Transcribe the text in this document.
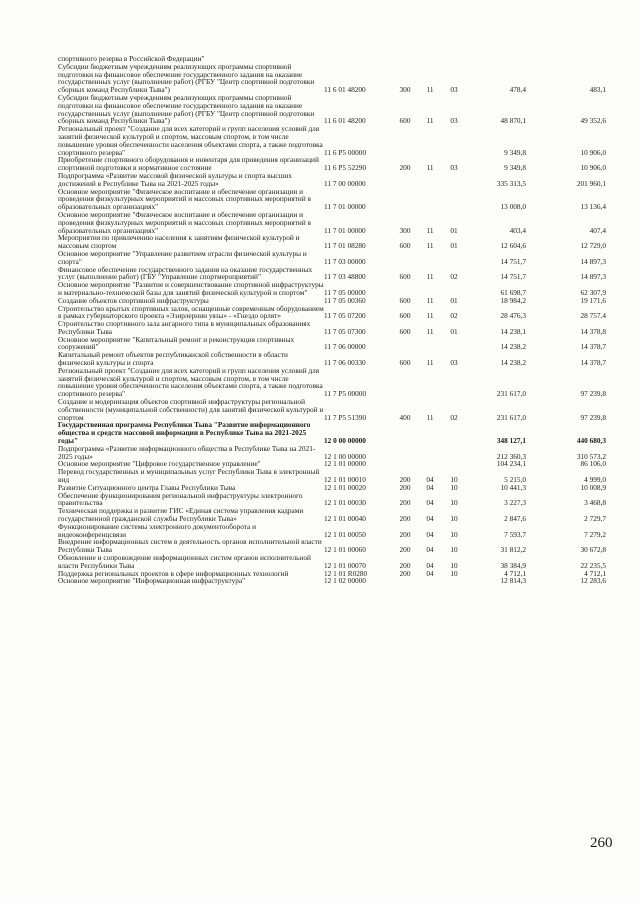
спортивного резерва в Российской Федерации"						
Субсидии бюджетным учреждениям реализующих программы спортивной подготовки на финансовое обеспечение государственного задания на оказание государственных услуг (выполнение работ) (РГБУ "Центр спортивной подготовки сборных команд Республики Тыва")	11 6 01 48200	300	11	03	478,4	483,1
Субсидии бюджетным учреждениям реализующих программы спортивной подготовки на финансовое обеспечение государственного задания на оказание государственных услуг (выполнение работ) (РГБУ "Центр спортивной подготовки сборных команд Республики Тыва")	11 6 01 48200	600	11	03	48 870,1	49 352,6
Региональный проект "Создание для всех категорий и групп населения условий для занятий физической культурой и спортом, массовым спортом, в том числе повышение уровня обеспеченности населения объектами спорта, а также подготовка спортивного резерва"	11 6 P5 00000				9 349,8	10 906,0
Приобретение спортивного оборудования и инвентаря для приведения организаций спортивной подготовки в нормативное состояние	11 6 P5 52290	200	11	03	9 349,8	10 906,0
Подпрограмма «Развитие массовой физической культуры и спорта высших достижений в Республике Тыва на 2021-2025 годы»	11 7 00 00000				335 313,5	201 960,1
Основное мероприятие "Физическое воспитание и обеспечение организации и проведения физкультурных мероприятий и массовых спортивных мероприятий в образовательных организациях"	11 7 01 00000				13 008,0	13 136,4
Основное мероприятие "Физическое воспитание и обеспечение организации и проведения физкультурных мероприятий и массовых спортивных мероприятий в образовательных организациях"	11 7 01 00000	300	11	01	403,4	407,4
Мероприятия по привлечению населения к занятиям физической культурой и массовым спортом	11 7 01 08280	600	11	01	12 604,6	12 729,0
Основное мероприятие "Управление развитием отрасли физической культуры и спорта"	11 7 03 00000				14 751,7	14 897,3
Финансовое обеспечение государственного задания на оказание государственных услуг (выполнение работ) (ГБУ "Управление спортмероприятий"	11 7 03 48800	600	11	02	14 751,7	14 897,3
Основное мероприятие "Развитие и совершенствование спортивной инфраструктуры и материально-технической базы для занятий физической культурой и спортом"	11 7 05 00000				61 698,7	62 307,9
Создание объектов спортивной инфраструктуры	11 7 05 00360	600	11	01	18 984,2	19 171,6
Строительство крытых спортивных залов, оснащенные современным оборудованием в рамках губернаторского проекта «Эзирлернин уязы» - «Гнездо орлят»	11 7 05 07200	600	11	02	28 476,3	28 757,4
Строительство спортивного зала ангарного типа в муниципальных образованиях Республики Тыва	11 7 05 07300	600	11	01	14 238,1	14 378,8
Основное мероприятие "Капитальный ремонт и реконструкция спортивных сооружений"	11 7 06 00000				14 238,2	14 378,7
Капитальный ремонт объектов республиканской собственности в области физической культуры и спорта	11 7 06 00330	600	11	03	14 238,2	14 378,7
Региональный проект "Создание для всех категорий и групп населения условий для занятий физической культурой и спортом, массовым спортом, в том числе повышение уровня обеспеченности населения объектами спорта, а также подготовка спортивного резерва"	11 7 P5 00000				231 617,0	97 239,8
Создание и модернизация объектов спортивной инфраструктуры региональной собственности (муниципальной собственности) для занятий физической культурой и спортом	11 7 P5 51390	400	11	02	231 617,0	97 239,8
Государственная программа Республики Тыва "Развитие информационного общества и средств массовой информации в Республике Тыва на 2021-2025 годы"	12 0 00 00000				348 127,1	440 680,3
Подпрограмма «Развитие информационного общества в Республике Тыва на 2021-2025 годы»	12 1 00 00000				212 360,3	310 573,2
Основное мероприятие "Цифровое государственное управление"	12 1 01 00000				104 234,1	86 106,0
Перевод государственных и муниципальных услуг Республики Тыва в электронный вид	12 1 01 00010	200	04	10	5 215,0	4 999,0
Развитие Ситуационного центра Главы Республики Тыва	12 1 01 00020	200	04	10	10 441,3	10 008,9
Обеспечение функционирования региональной инфраструктуры электронного правительства	12 1 01 00030	200	04	10	3 227,3	3 468,8
Техническая поддержка и развитие ГИС «Единая система управления кадрами государственной гражданской службы Республики Тыва»	12 1 01 00040	200	04	10	2 847,6	2 729,7
Функционирование системы электронного документооборота и видеоконференцсвязи	12 1 01 00050	200	04	10	7 593,7	7 279,2
Внедрение информационных систем в деятельность органов исполнительной власти Республики Тыва	12 1 01 00060	200	04	10	31 812,2	30 672,8
Обновление и сопровождение информационных систем органов исполнительной власти Республики Тыва	12 1 01 00070	200	04	10	38 384,9	22 235,5
Поддержка региональных проектов в сфере информационных технологий	12 1 01 R0280	200	04	10	4 712,1	4 712,1
Основное мероприятие "Информационная инфраструктура"	12 1 02 00000				12 814,3	12 283,6
260
